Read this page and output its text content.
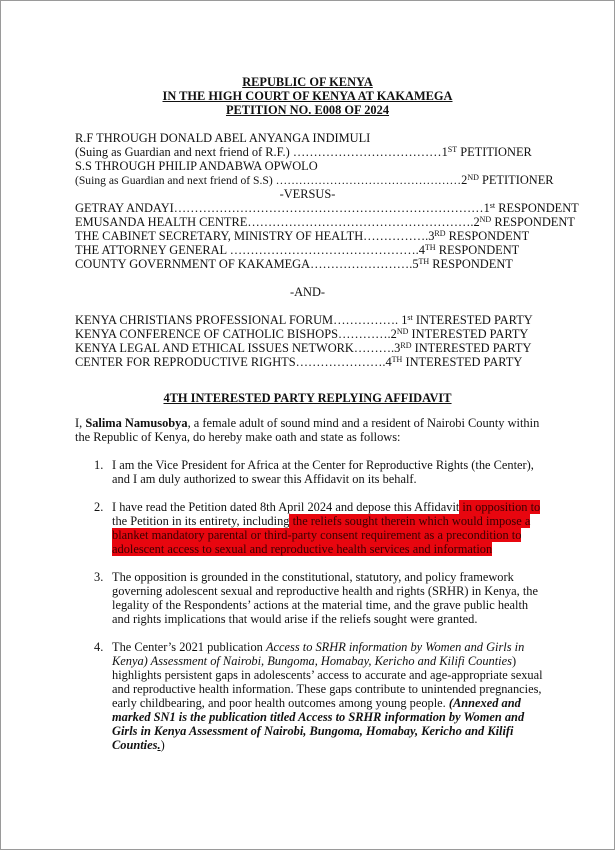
REPUBLIC OF KENYA
IN THE HIGH COURT OF KENYA AT KAKAMEGA
PETITION NO. E008 OF 2024
R.F THROUGH DONALD ABEL ANYANGA INDIMULI
(Suing as Guardian and next friend of R.F.) ………………………………1ST PETITIONER
S.S THROUGH PHILIP ANDABWA OPWOLO
(Suing as Guardian and next friend of S.S) …………………………………………2ND PETITIONER
-VERSUS-
GETRAY ANDAYI…………………………………………………………………1st RESPONDENT
EMUSANDA HEALTH CENTRE……………………………………………….2ND RESPONDENT
THE CABINET SECRETARY, MINISTRY OF HEALTH…………….3RD RESPONDENT
THE ATTORNEY GENERAL ……………………………………….4TH RESPONDENT
COUNTY GOVERNMENT OF KAKAMEGA…………………….5TH RESPONDENT
-AND-
KENYA CHRISTIANS PROFESSIONAL FORUM……………. 1st INTERESTED PARTY
KENYA CONFERENCE OF CATHOLIC BISHOPS………….2ND INTERESTED PARTY
KENYA LEGAL AND ETHICAL ISSUES NETWORK……….3RD INTERESTED PARTY
CENTER FOR REPRODUCTIVE RIGHTS………………….4TH INTERESTED PARTY
4TH INTERESTED PARTY REPLYING AFFIDAVIT
I, Salima Namusobya, a female adult of sound mind and a resident of Nairobi County within
the Republic of Kenya, do hereby make oath and state as follows:
1. I am the Vice President for Africa at the Center for Reproductive Rights (the Center),
and I am duly authorized to swear this Affidavit on its behalf.
2. I have read the Petition dated 8th April 2024 and depose this Affidavit in opposition to
the Petition in its entirety, including the reliefs sought therein which would impose a
blanket mandatory parental or third-party consent requirement as a precondition to
adolescent access to sexual and reproductive health services and information
3. The opposition is grounded in the constitutional, statutory, and policy framework
governing adolescent sexual and reproductive health and rights (SRHR) in Kenya, the
legality of the Respondents’ actions at the material time, and the grave public health
and rights implications that would arise if the reliefs sought were granted.
4. The Center’s 2021 publication Access to SRHR information by Women and Girls in
Kenya) Assessment of Nairobi, Bungoma, Homabay, Kericho and Kilifi Counties)
highlights persistent gaps in adolescents’ access to accurate and age-appropriate sexual
and reproductive health information. These gaps contribute to unintended pregnancies,
early childbearing, and poor health outcomes among young people. (Annexed and
marked SN1 is the publication titled Access to SRHR information by Women and
Girls in Kenya Assessment of Nairobi, Bungoma, Homabay, Kericho and Kilifi
Counties.)
